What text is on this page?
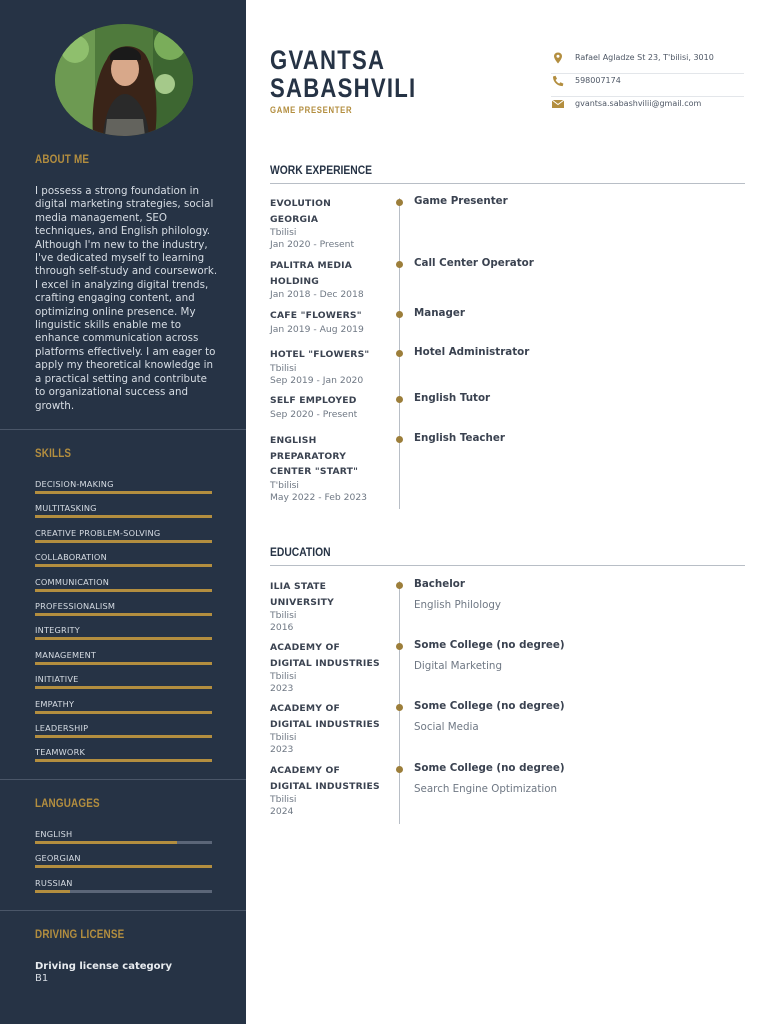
ABOUT ME
I possess a strong foundation in digital marketing strategies, social media management, SEO techniques, and English philology. Although I'm new to the industry, I've dedicated myself to learning through self-study and coursework. I excel in analyzing digital trends, crafting engaging content, and optimizing online presence. My linguistic skills enable me to enhance communication across platforms effectively. I am eager to apply my theoretical knowledge in a practical setting and contribute to organizational success and growth.
SKILLS
DECISION-MAKING
MULTITASKING
CREATIVE PROBLEM-SOLVING
COLLABORATION
COMMUNICATION
PROFESSIONALISM
INTEGRITY
MANAGEMENT
INITIATIVE
EMPATHY
LEADERSHIP
TEAMWORK
LANGUAGES
ENGLISH
GEORGIAN
RUSSIAN
DRIVING LICENSE
Driving license category
B1
GVANTSA
SABASHVILI
GAME PRESENTER
Rafael Agladze St 23, T'bilisi, 3010
598007174
gvantsa.sabashvilii@gmail.com
WORK EXPERIENCE
EVOLUTION
GEORGIA
Tbilisi
Jan 2020 - Present
Game Presenter
PALITRA MEDIA
HOLDING
Jan 2018 - Dec 2018
Call Center Operator
CAFE "FLOWERS"
Jan 2019 - Aug 2019
Manager
HOTEL "FLOWERS"
Tbilisi
Sep 2019 - Jan 2020
Hotel Administrator
SELF EMPLOYED
Sep 2020 - Present
English Tutor
ENGLISH
PREPARATORY
CENTER "START"
T'bilisi
May 2022 - Feb 2023
English Teacher
EDUCATION
ILIA STATE
UNIVERSITY
Tbilisi
2016
Bachelor
English Philology
ACADEMY OF
DIGITAL INDUSTRIES
Tbilisi
2023
Some College (no degree)
Digital Marketing
ACADEMY OF
DIGITAL INDUSTRIES
Tbilisi
2023
Some College (no degree)
Social Media
ACADEMY OF
DIGITAL INDUSTRIES
Tbilisi
2024
Some College (no degree)
Search Engine Optimization
